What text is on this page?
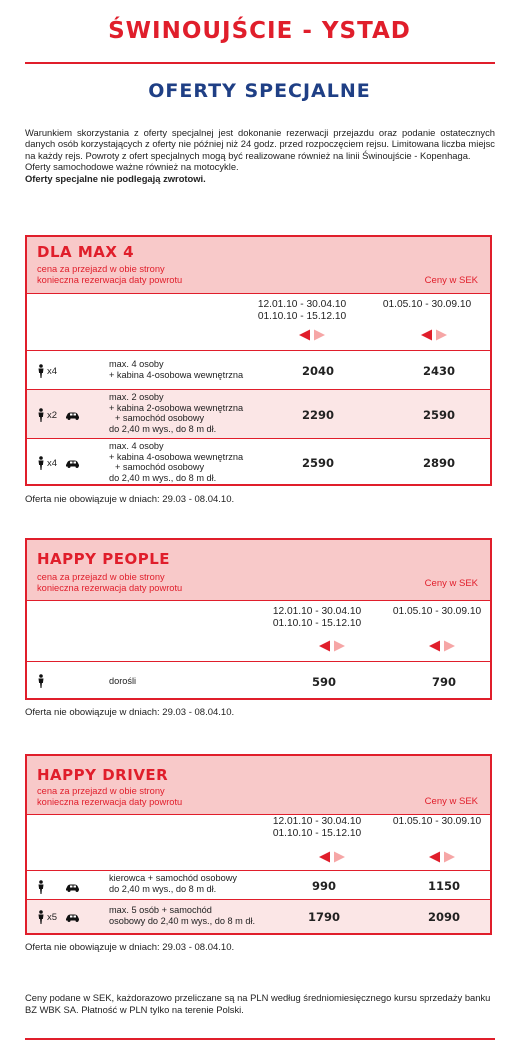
ŚWINOUJŚCIE - YSTAD
OFERTY SPECJALNE

Warunkiem skorzystania z oferty specjalnej jest dokonanie rezerwacji przejazdu oraz podanie ostatecznych danych osób korzystających z oferty nie później niż 24 godz. przed rozpoczęciem rejsu. Limitowana liczba miejsc na każdy rejs. Powroty z ofert specjalnych mogą być realizowane również na linii Świnoujście - Kopenhaga.

Oferty samochodowe ważne również na motocykle.

Oferty specjalne nie podlegają zwrotowi.

DLA MAX 4
cena za przejazd w obie strony
konieczna rezerwacja daty powrotu	Ceny w SEK
12.01.10 - 30.04.10
01.10.10 - 15.12.10
01.05.10 - 30.09.10
x4
max. 4 osoby
+ kabina 4-osobowa wewnętrzna	2040	2430
x2
max. 2 osoby
+ kabina 2-osobowa wewnętrzna
+ samochód osobowy
do 2,40 m wys., do 8 m dł.
2290	2590
x4
max. 4 osoby
+ kabina 4-osobowa wewnętrzna
+ samochód osobowy
do 2,40 m wys., do 8 m dł.
2590	2890
Oferta nie obowiązuje w dniach: 29.03 - 08.04.10.
HAPPY PEOPLE
cena za przejazd w obie strony
konieczna rezerwacja daty powrotu	Ceny w SEK
12.01.10 - 30.04.10
01.10.10 - 15.12.10
01.05.10 - 30.09.10
dorośli	590	790
Oferta nie obowiązuje w dniach: 29.03 - 08.04.10.
HAPPY DRIVER
cena za przejazd w obie strony
konieczna rezerwacja daty powrotu	Ceny w SEK
12.01.10 - 30.04.10
01.10.10 - 15.12.10
01.05.10 - 30.09.10
kierowca + samochód osobowy
do 2,40 m wys., do 8 m dł.	990	1150
x5
max. 5 osób + samochód
osobowy do 2,40 m wys., do 8 m dł.	1790	2090
Oferta nie obowiązuje w dniach: 29.03 - 08.04.10.
Ceny podane w SEK, każdorazowo przeliczane są na PLN według średniomiesięcznego kursu sprzedaży banku BZ WBK SA. Płatność w PLN tylko na terenie Polski.
